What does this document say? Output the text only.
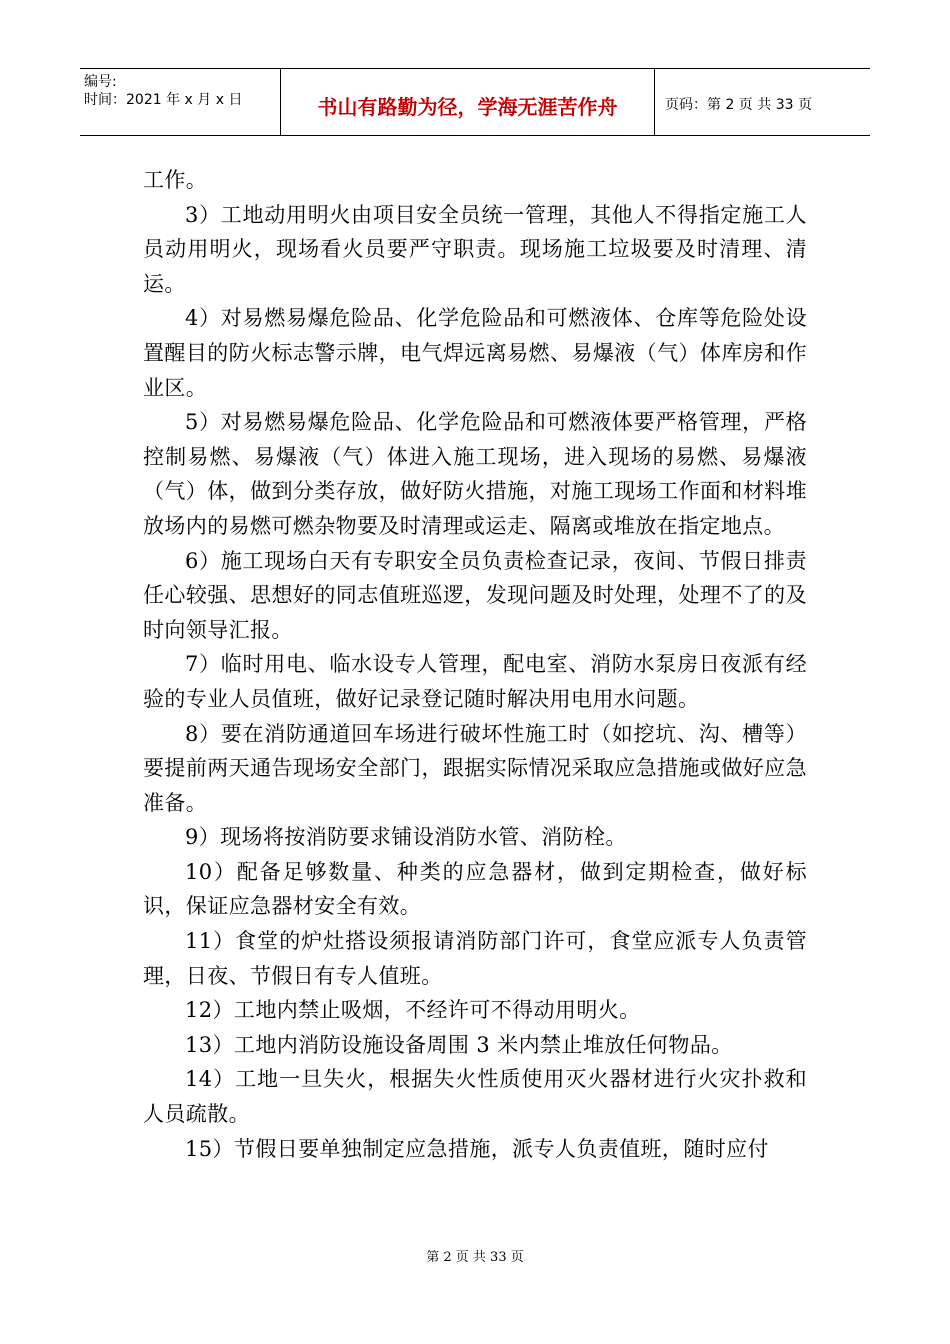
编号:
时间：2021 年 x 月 x 日	书山有路勤为径，学海无涯苦作舟	页码：第 2 页 共 33 页

工作。

3）工地动用明火由项目安全员统一管理，其他人不得指定施工人员动用明火，现场看火员要严守职责。现场施工垃圾要及时清理、清运。

4）对易燃易爆危险品、化学危险品和可燃液体、仓库等危险处设置醒目的防火标志警示牌，电气焊远离易燃、易爆液（气）体库房和作业区。

5）对易燃易爆危险品、化学危险品和可燃液体要严格管理，严格控制易燃、易爆液（气）体进入施工现场，进入现场的易燃、易爆液（气）体，做到分类存放，做好防火措施，对施工现场工作面和材料堆放场内的易燃可燃杂物要及时清理或运走、隔离或堆放在指定地点。

6）施工现场白天有专职安全员负责检查记录，夜间、节假日排责任心较强、思想好的同志值班巡逻，发现问题及时处理，处理不了的及时向领导汇报。

7）临时用电、临水设专人管理，配电室、消防水泵房日夜派有经验的专业人员值班，做好记录登记随时解决用电用水问题。

8）要在消防通道回车场进行破坏性施工时（如挖坑、沟、槽等）要提前两天通告现场安全部门，跟据实际情况采取应急措施或做好应急准备。

9）现场将按消防要求铺设消防水管、消防栓。

10）配备足够数量、种类的应急器材，做到定期检查，做好标识，保证应急器材安全有效。

11）食堂的炉灶搭设须报请消防部门许可，食堂应派专人负责管理，日夜、节假日有专人值班。

12）工地内禁止吸烟，不经许可不得动用明火。

13）工地内消防设施设备周围 3 米内禁止堆放任何物品。

14）工地一旦失火，根据失火性质使用灭火器材进行火灾扑救和人员疏散。

15）节假日要单独制定应急措施，派专人负责值班，随时应付

第 2 页 共 33 页
